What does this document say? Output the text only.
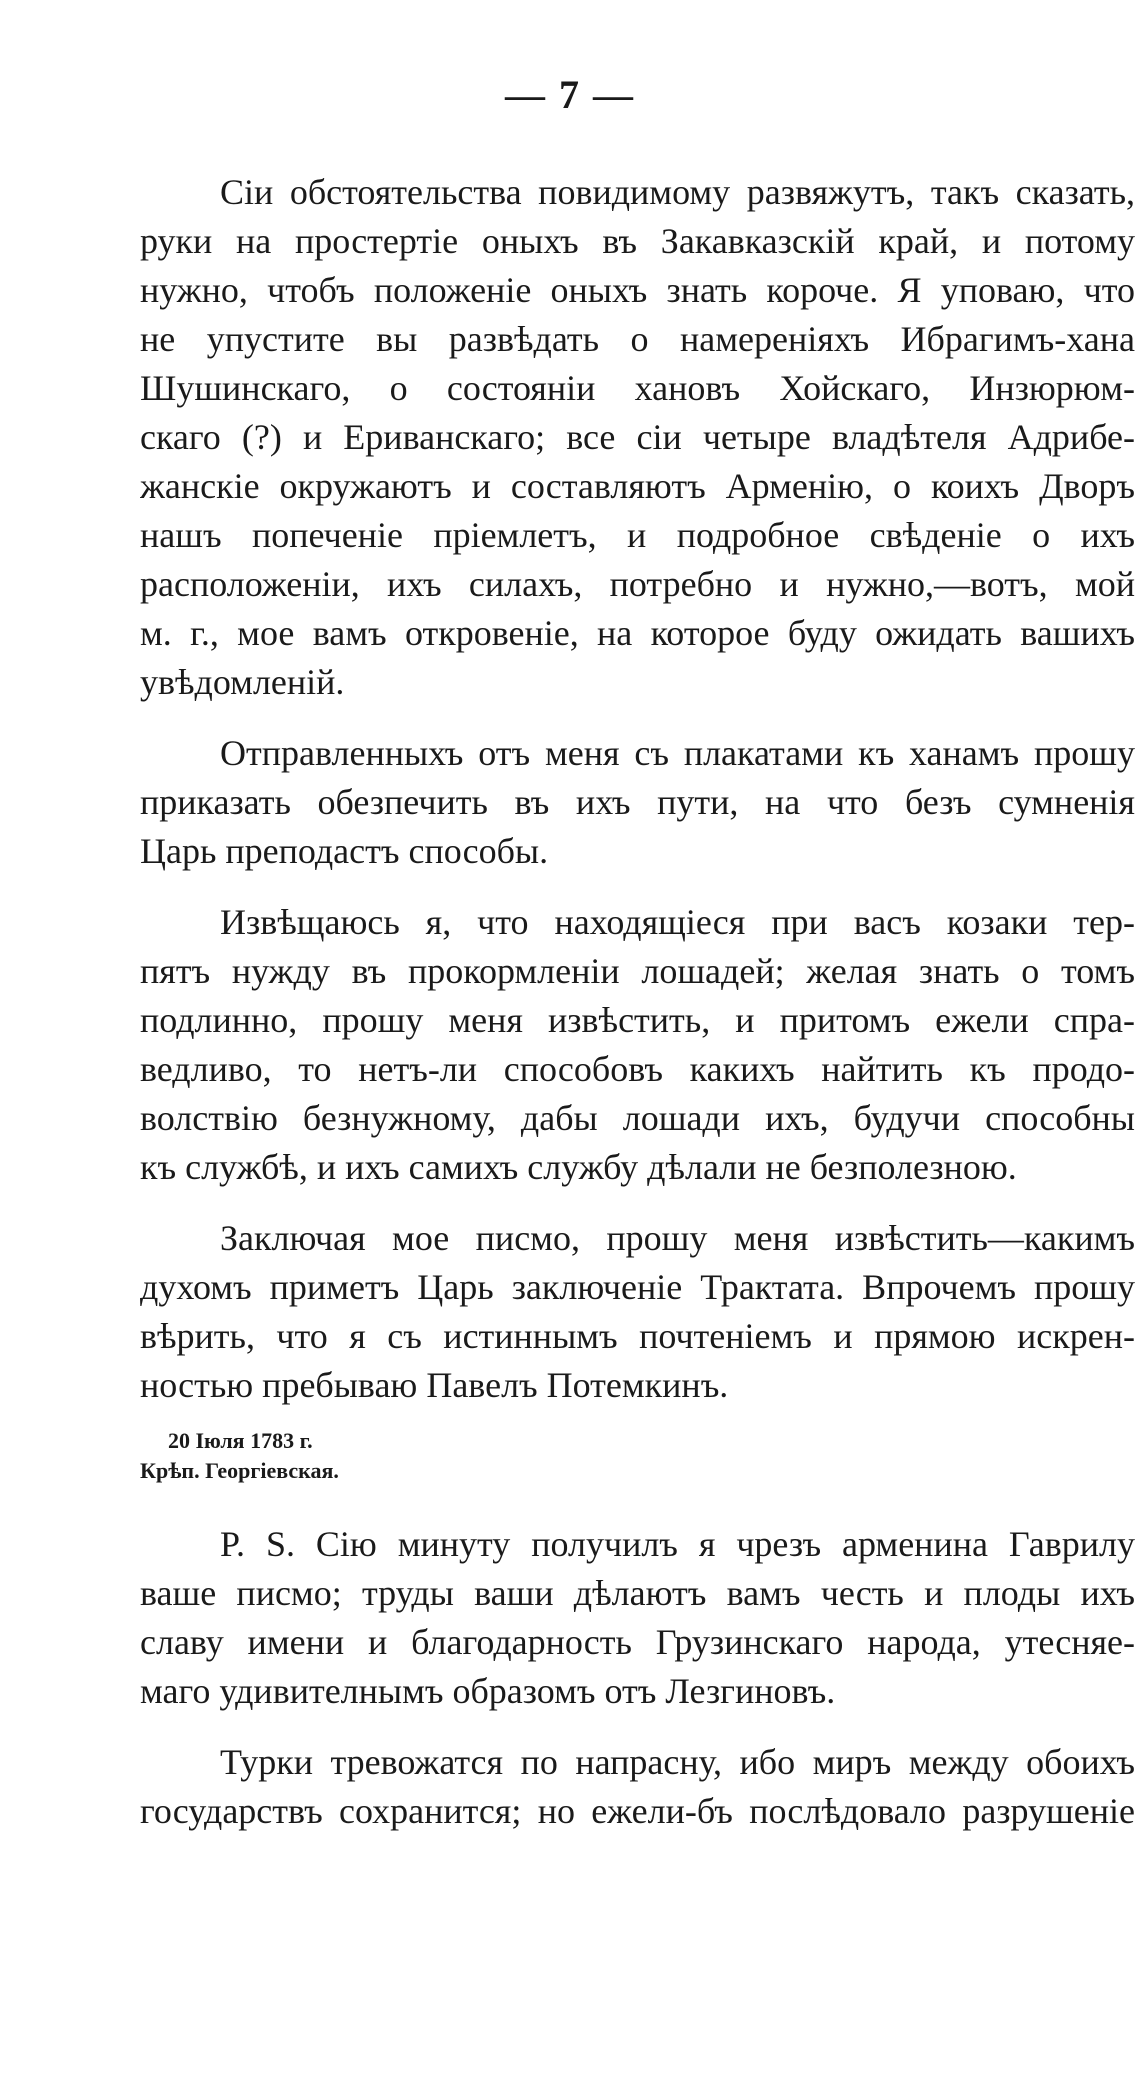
— 7 —
Сіи обстоятельства повидимому развяжутъ, такъ сказать,
руки на простертіе оныхъ въ Закавказскій край, и потому
нужно, чтобъ положеніе оныхъ знать короче. Я уповаю, что
не упустите вы развѣдать о намереніяхъ Ибрагимъ-хана
Шушинскаго, о состояніи хановъ Хойскаго, Инзюрюм-
скаго (?) и Ериванскаго; все сіи четыре владѣтеля Адрибе-
жанскіе окружаютъ и составляютъ Арменію, о коихъ Дворъ
нашъ попеченіе пріемлетъ, и подробное свѣденіе о ихъ
расположеніи, ихъ силахъ, потребно и нужно,—вотъ, мой
м. г., мое вамъ откровеніе, на которое буду ожидать вашихъ
увѣдомленій.
Отправленныхъ отъ меня съ плакатами къ ханамъ прошу
приказать обезпечить въ ихъ пути, на что безъ сумненія
Царь преподастъ способы.
Извѣщаюсь я, что находящіеся при васъ козаки тер-
пятъ нужду въ прокормленіи лошадей; желая знать о томъ
подлинно, прошу меня извѣстить, и притомъ ежели спра-
ведливо, то нетъ-ли способовъ какихъ найтить къ продо-
волствію безнужному, дабы лошади ихъ, будучи способны
къ службѣ, и ихъ самихъ службу дѣлали не безполезною.
Заключая мое писмо, прошу меня извѣстить—какимъ
духомъ приметъ Царь заключеніе Трактата. Впрочемъ прошу
вѣрить, что я съ истиннымъ почтеніемъ и прямою искрен-
ностью пребываю Павелъ Потемкинъ.
20 Іюля 1783 г.
Крѣп. Георгіевская.
P. S. Сію минуту получилъ я чрезъ арменина Гаврилу
ваше писмо; труды ваши дѣлаютъ вамъ честь и плоды ихъ
славу имени и благодарность Грузинскаго народа, утесняе-
маго удивителнымъ образомъ отъ Лезгиновъ.
Турки тревожатся по напрасну, ибо миръ между обоихъ
государствъ сохранится; но ежели-бъ послѣдовало разрушеніе
